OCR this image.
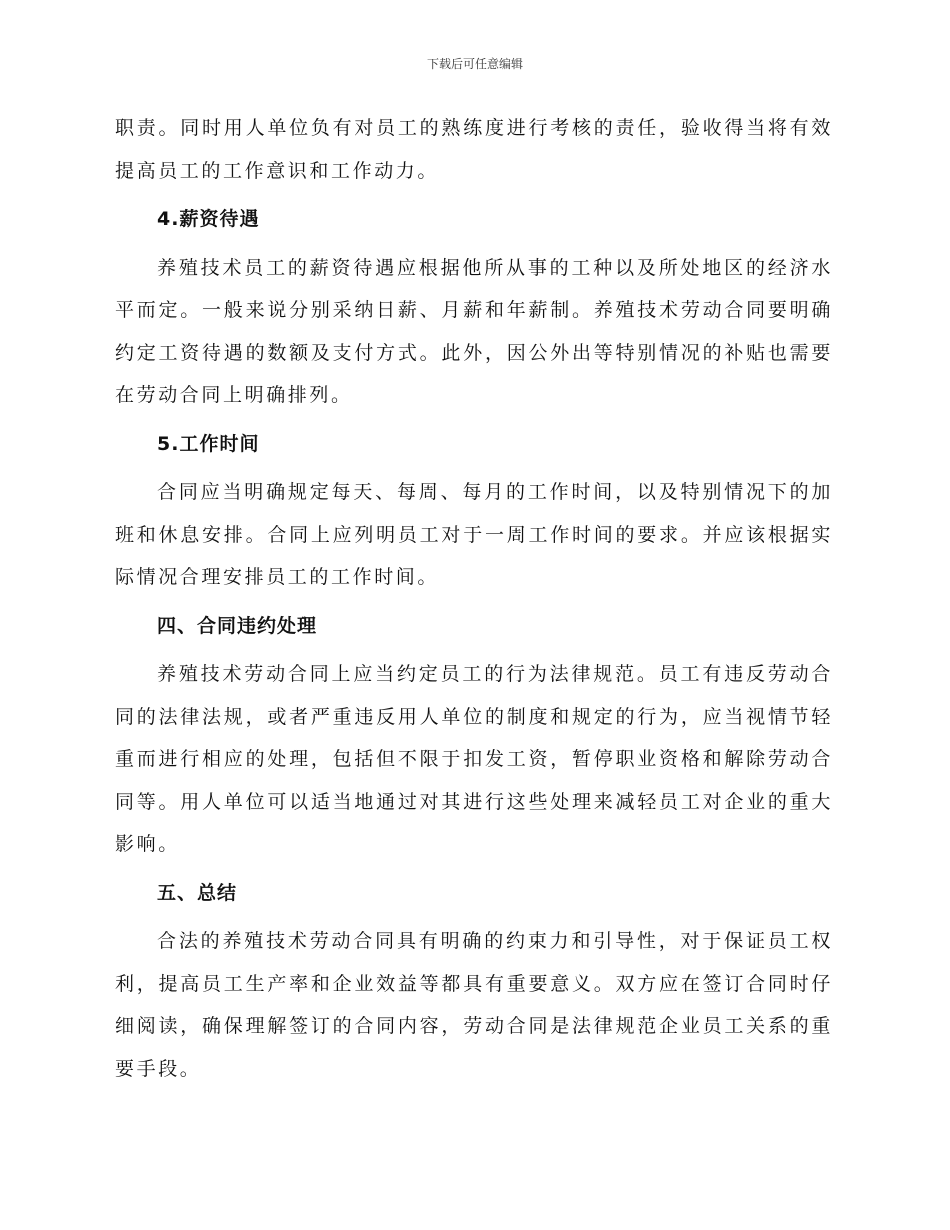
下载后可任意编辑

职责。同时用人单位负有对员工的熟练度进行考核的责任，验收得当将有效提高员工的工作意识和工作动力。

4.薪资待遇

养殖技术员工的薪资待遇应根据他所从事的工种以及所处地区的经济水平而定。一般来说分别采纳日薪、月薪和年薪制。养殖技术劳动合同要明确约定工资待遇的数额及支付方式。此外，因公外出等特别情况的补贴也需要在劳动合同上明确排列。

5.工作时间

合同应当明确规定每天、每周、每月的工作时间，以及特别情况下的加班和休息安排。合同上应列明员工对于一周工作时间的要求。并应该根据实际情况合理安排员工的工作时间。

四、合同违约处理

养殖技术劳动合同上应当约定员工的行为法律规范。员工有违反劳动合同的法律法规，或者严重违反用人单位的制度和规定的行为，应当视情节轻重而进行相应的处理，包括但不限于扣发工资，暂停职业资格和解除劳动合同等。用人单位可以适当地通过对其进行这些处理来减轻员工对企业的重大影响。

五、总结

合法的养殖技术劳动合同具有明确的约束力和引导性，对于保证员工权利，提高员工生产率和企业效益等都具有重要意义。双方应在签订合同时仔细阅读，确保理解签订的合同内容，劳动合同是法律规范企业员工关系的重要手段。
